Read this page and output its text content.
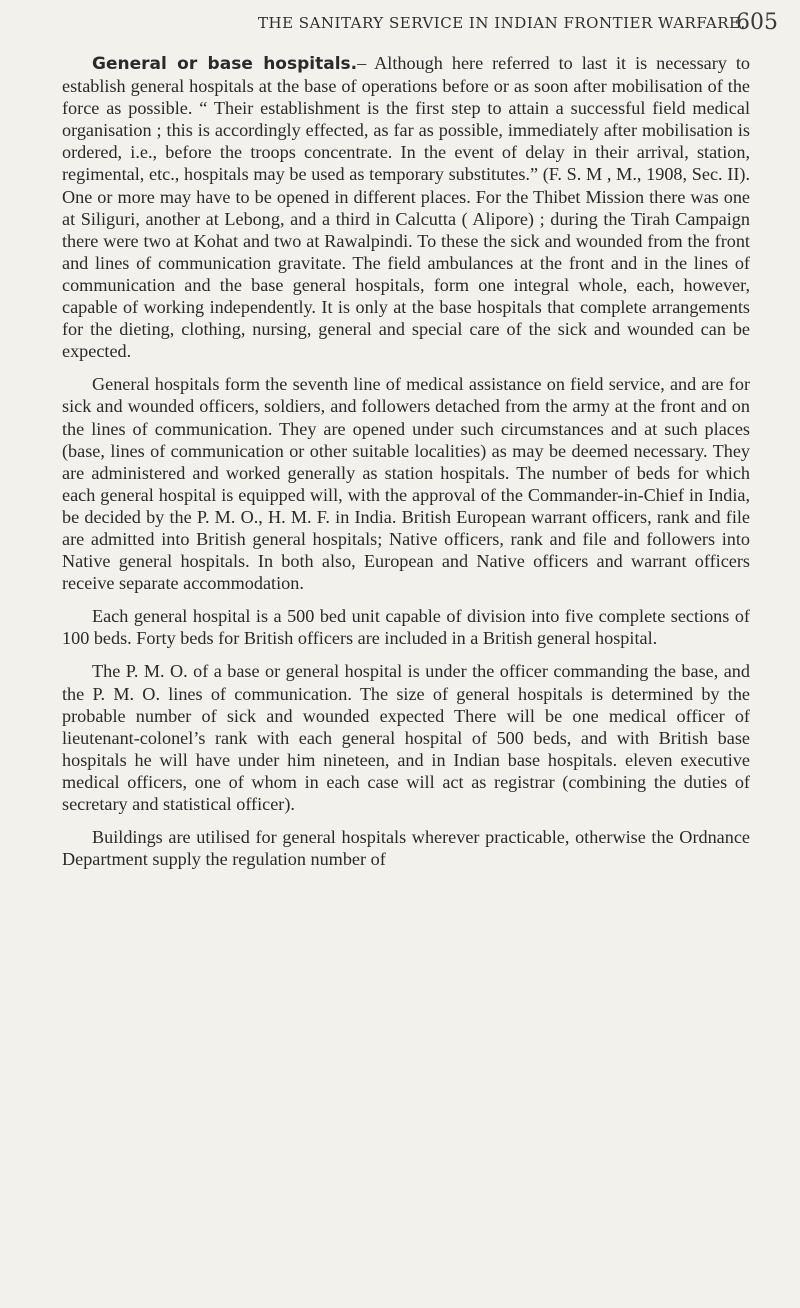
THE SANITARY SERVICE IN INDIAN FRONTIER WARFARE.
605

General or base hospitals.– Although here referred to last it is necessary to establish general hospitals at the base of operations before or as soon after mobilisation of the force as possible. “ Their establishment is the first step to attain a successful field medical organisation ; this is accordingly effected, as far as possible, immediately after mobilisation is ordered, i.e., before the troops concentrate. In the event of delay in their arrival, station, regimental, etc., hospitals may be used as temporary substitutes.” (F. S. M , M., 1908, Sec. II). One or more may have to be opened in different places. For the Thibet Mission there was one at Siliguri, another at Lebong, and a third in Calcutta ( Alipore) ; during the Tirah Campaign there were two at Kohat and two at Rawalpindi. To these the sick and wounded from the front and lines of communication gravitate. The field ambulances at the front and in the lines of communication and the base general hospitals, form one integral whole, each, however, capable of working independently. It is only at the base hospitals that complete arrangements for the dieting, clothing, nursing, general and special care of the sick and wounded can be expected.

General hospitals form the seventh line of medical assistance on field service, and are for sick and wounded officers, soldiers, and followers detached from the army at the front and on the lines of communication. They are opened under such circumstances and at such places (base, lines of communication or other suitable localities) as may be deemed necessary. They are administered and worked generally as station hospitals. The number of beds for which each general hospital is equipped will, with the approval of the Commander-in-Chief in India, be decided by the P. M. O., H. M. F. in India. British European warrant officers, rank and file are admitted into British general hospitals; Native officers, rank and file and followers into Native general hospitals. In both also, European and Native officers and warrant officers receive separate accommodation.

Each general hospital is a 500 bed unit capable of division into five complete sections of 100 beds. Forty beds for British officers are included in a British general hospital.

The P. M. O. of a base or general hospital is under the officer commanding the base, and the P. M. O. lines of communication. The size of general hospitals is determined by the probable number of sick and wounded expected There will be one medical officer of lieutenant-colonel’s rank with each general hospital of 500 beds, and with British base hospitals he will have under him nineteen, and in Indian base hospitals. eleven executive medical officers, one of whom in each case will act as registrar (combining the duties of secretary and statistical officer).

Buildings are utilised for general hospitals wherever practicable, otherwise the Ordnance Department supply the regulation number of
